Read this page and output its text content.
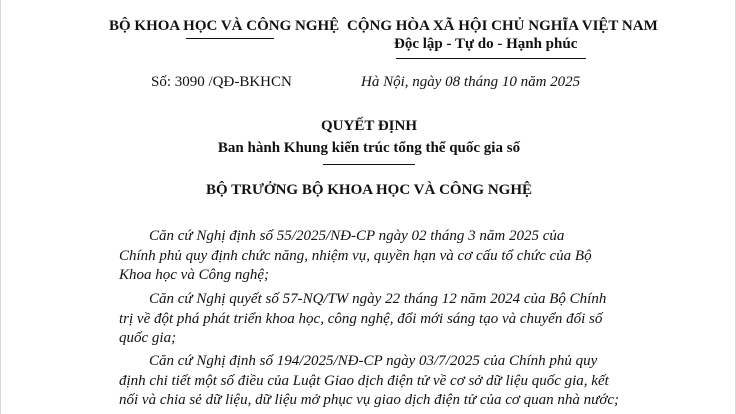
BỘ KHOA HỌC VÀ CÔNG NGHỆ CỘNG HÒA XÃ HỘI CHỦ NGHĨA VIỆT NAM
Độc lập - Tự do - Hạnh phúc
Số: 3090 /QĐ-BKHCN	Hà Nội, ngày 08 tháng 10 năm 2025
QUYẾT ĐỊNH
Ban hành Khung kiến trúc tổng thể quốc gia số
BỘ TRƯỞNG BỘ KHOA HỌC VÀ CÔNG NGHỆ
Căn cứ Nghị định số 55/2025/NĐ-CP ngày 02 tháng 3 năm 2025 của
Chính phủ quy định chức năng, nhiệm vụ, quyền hạn và cơ cấu tổ chức của Bộ
Khoa học và Công nghệ;
Căn cứ Nghị quyết số 57-NQ/TW ngày 22 tháng 12 năm 2024 của Bộ Chính
trị về đột phá phát triển khoa học, công nghệ, đổi mới sáng tạo và chuyển đổi số
quốc gia;
Căn cứ Nghị định số 194/2025/NĐ-CP ngày 03/7/2025 của Chính phủ quy
định chi tiết một số điều của Luật Giao dịch điện tử về cơ sở dữ liệu quốc gia, kết
nối và chia sẻ dữ liệu, dữ liệu mở phục vụ giao dịch điện tử của cơ quan nhà nước;
